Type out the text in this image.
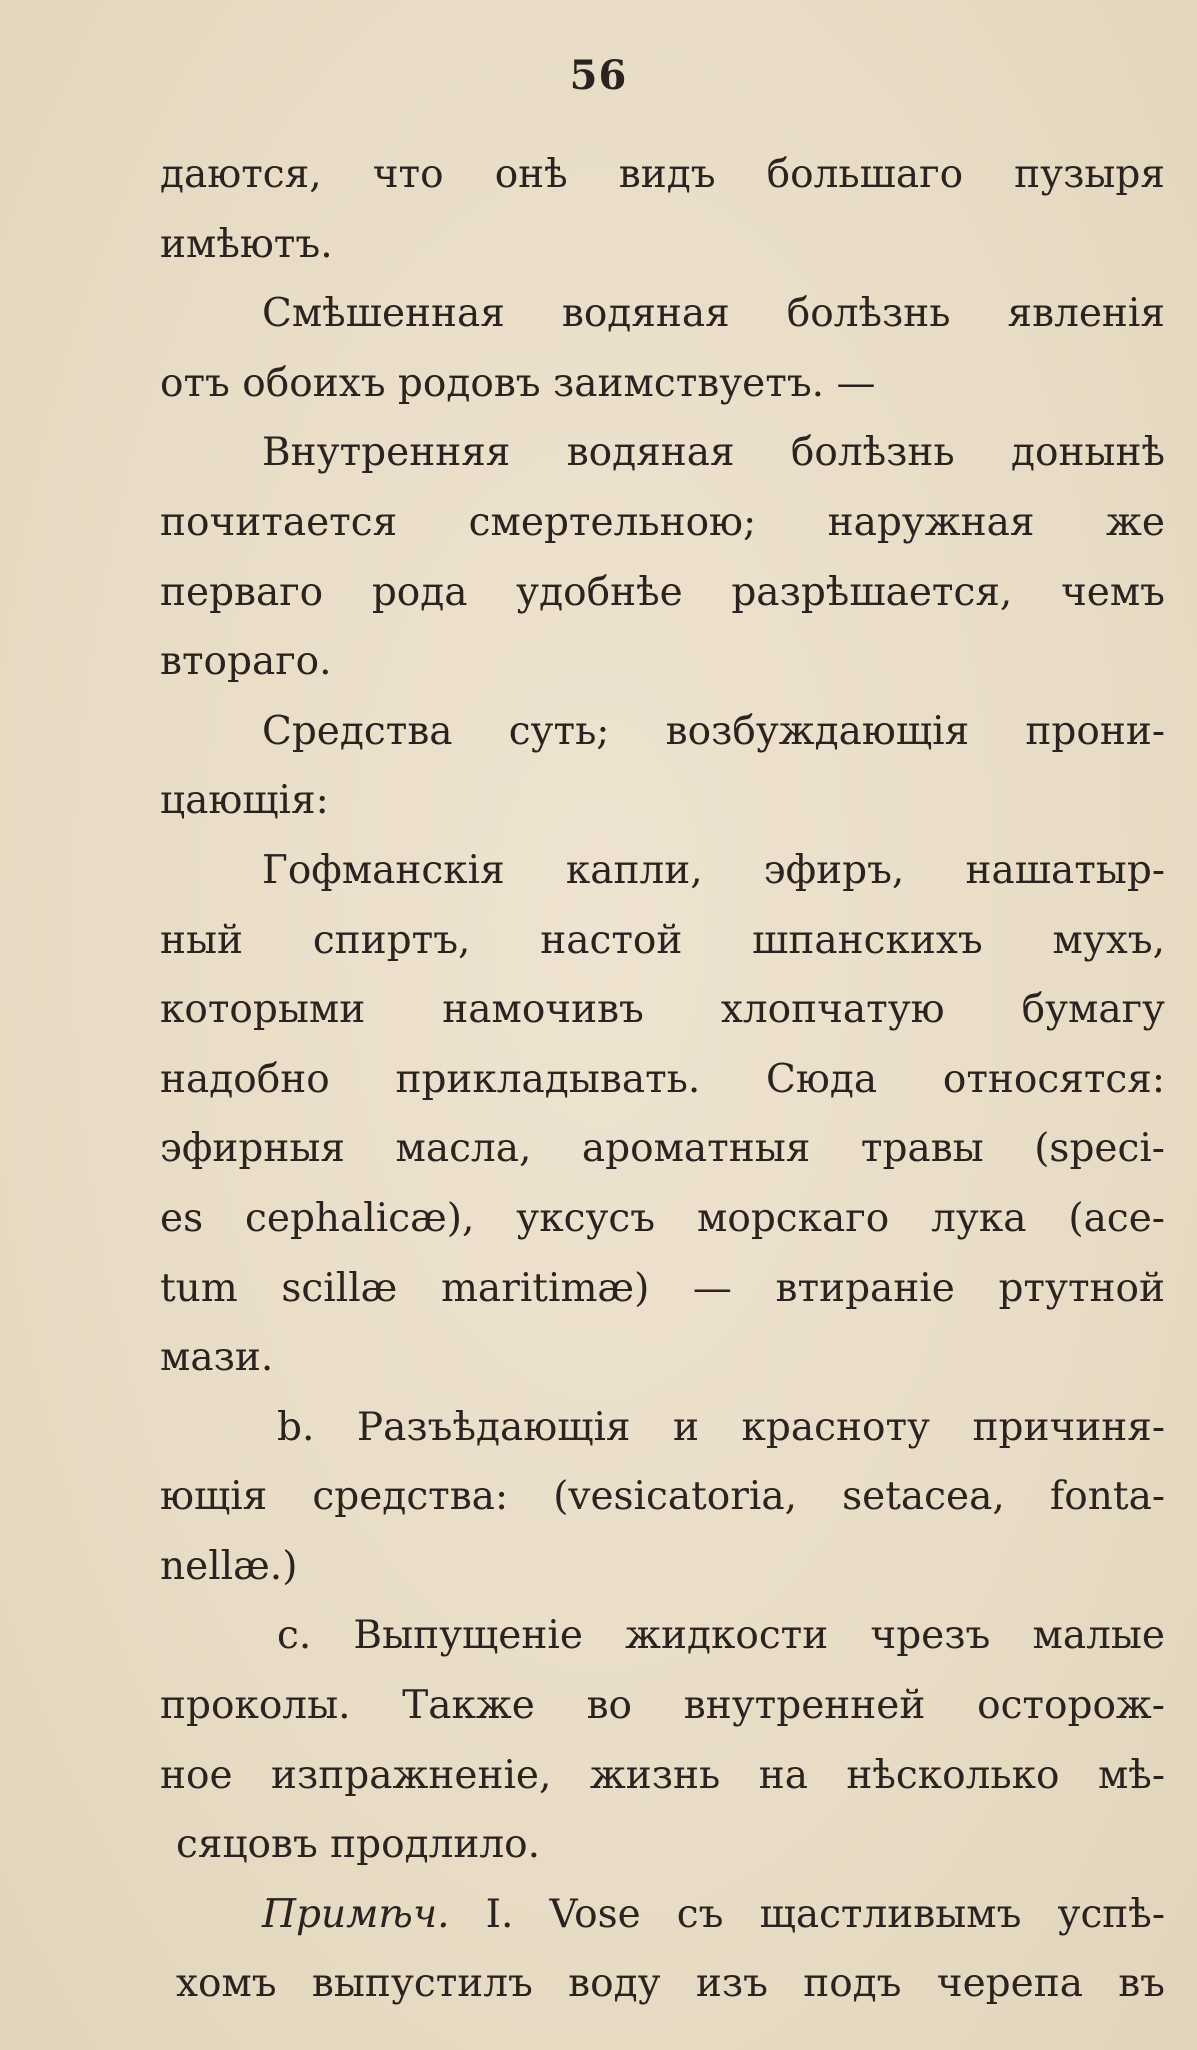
56
даются, что онѣ видъ большаго пузыря
имѣютъ.
Смѣшенная водяная болѣзнь явленія
отъ обоихъ родовъ заимствуетъ. —
Внутренняя водяная болѣзнь донынѣ
почитается смертельною; наружная же
перваго рода удобнѣе разрѣшается, чемъ
втораго.
Средства суть; возбуждающія прони-
цающія:
Гофманскія капли, эфиръ, нашатыр-
ный спиртъ, настой шпанскихъ мухъ,
которыми намочивъ хлопчатую бумагу
надобно прикладывать. Сюда относятся:
эфирныя масла, ароматныя травы (speci-
es cephalicæ), уксусъ морскаго лука (ace-
tum scillæ maritimæ) — втираніе ртутной
мази.
b. Разъѣдающія и красноту причиня-
ющія средства: (vesicatoria, setacea, fonta-
nellæ.)
c. Выпущеніе жидкости чрезъ малые
проколы. Также во внутренней осторож-
ное изпражненіе, жизнь на нѣсколько мѣ-
сяцовъ продлило.
Примѣч. I. Vose съ щастливымъ успѣ-
хомъ выпустилъ воду изъ подъ черепа въ
